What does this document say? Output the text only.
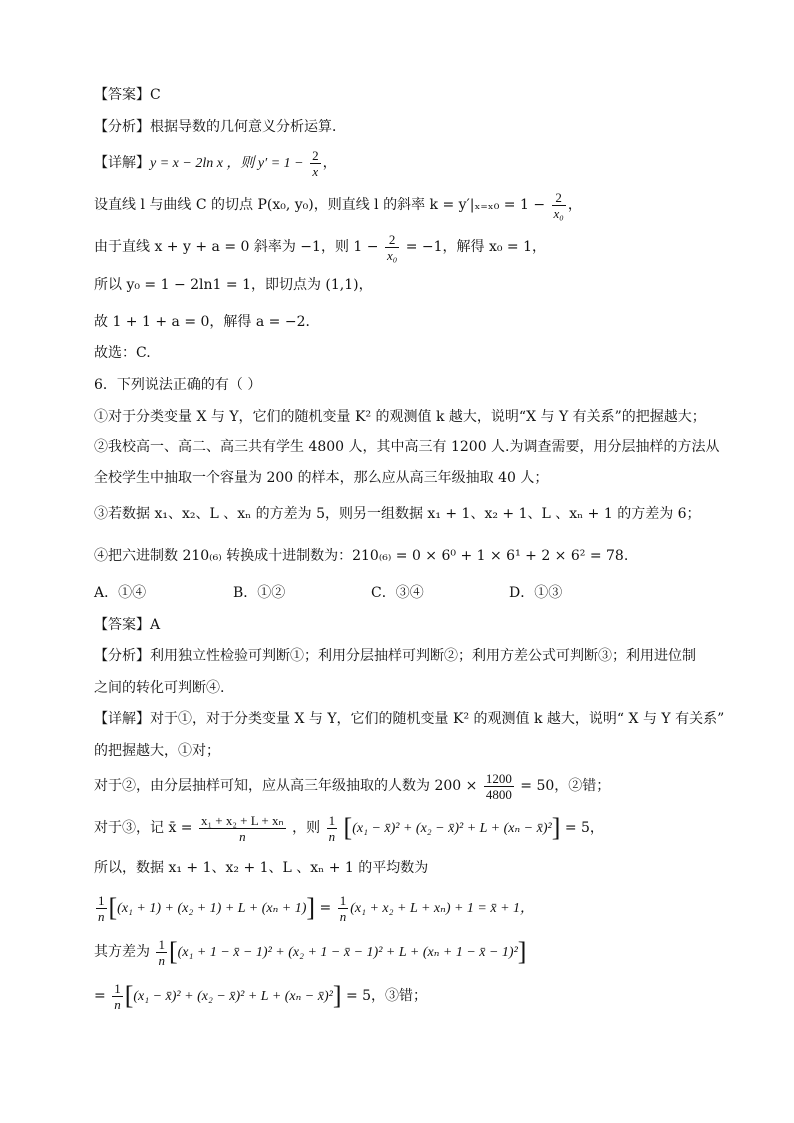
【答案】C
【分析】根据导数的几何意义分析运算．
【详解】y = x − 2ln x ，则 $y' = 1 - \frac{2}{x}$ ，
设直线 l 与曲线 C 的切点 P(x₀, y₀)，则直线 l 的斜率 $k = y'|_{x=x0} = 1 - \frac{2}{\text{x₀}}$ ，
由于直线 x + y + a = 0 斜率为 −1，则 $1 - \frac{2}{\text{x₀}} = -1$，解得 x₀ = 1，
所以 y₀ = 1 − 2ln1 = 1，即切点为 (1,1)，
故 1 + 1 + a = 0，解得 a = −2．
故选：C.
6．下列说法正确的有（ ）
①对于分类变量 X 与 Y，它们的随机变量 K² 的观测值 k 越大，说明“X 与 Y 有关系”的把握越大；
②我校高一、高二、高三共有学生 4800 人，其中高三有 1200 人.为调查需要，用分层抽样的方法从
全校学生中抽取一个容量为 200 的样本，那么应从高三年级抽取 40 人；
③若数据 x₁、x₂、L 、xₙ 的方差为 5，则另一组数据 x₁ + 1、x₂ + 1、L 、xₙ + 1 的方差为 6；
④把六进制数 210₍₆₎ 转换成十进制数为：210₍₆₎ = 0 × 6⁰ + 1 × 6¹ + 2 × 6² = 78.
A．①④	B．①②	C．③④	D．①③
【答案】A
【分析】利用独立性检验可判断①；利用分层抽样可判断②；利用方差公式可判断③；利用进位制
之间的转化可判断④.
【详解】对于①，对于分类变量 X 与 Y，它们的随机变量 K² 的观测值 k 越大，说明“ X 与 Y 有关系”
的把握越大，①对；
对于②，由分层抽样可知，应从高三年级抽取的人数为 $200 \times \frac{1200}{4800} = 50$，②错；
对于③，记 x̄ = $\frac{\text{x₁ + x₂ + L + xₙ}}{n}$ ，则 $\frac{1}{n} [(x_1$ − x̄)² + (x₂ − x̄)² + L + (xₙ − x̄)²] = 5，
所以，数据 x₁ + 1、x₂ + 1、L 、xₙ + 1 的平均数为
$\frac{1}{n} [(x_1 + 1) + (x_2 + 1) + L + (x_n + 1)] = \frac{1}{n} (x_1 + x_2 + L + x_n) + 1$ = x̄ + 1，
其方差为 $\frac{1}{n} [(x_1 + 1$ − x̄ − 1)² + (x₂ + 1 − x̄ − 1)² + L + (xₙ + 1 − x̄ − 1)²]
= $\frac{1}{n} [(x_1$ − x̄)² + (x₂ − x̄)² + L + (xₙ − x̄)²] = 5，③错；
